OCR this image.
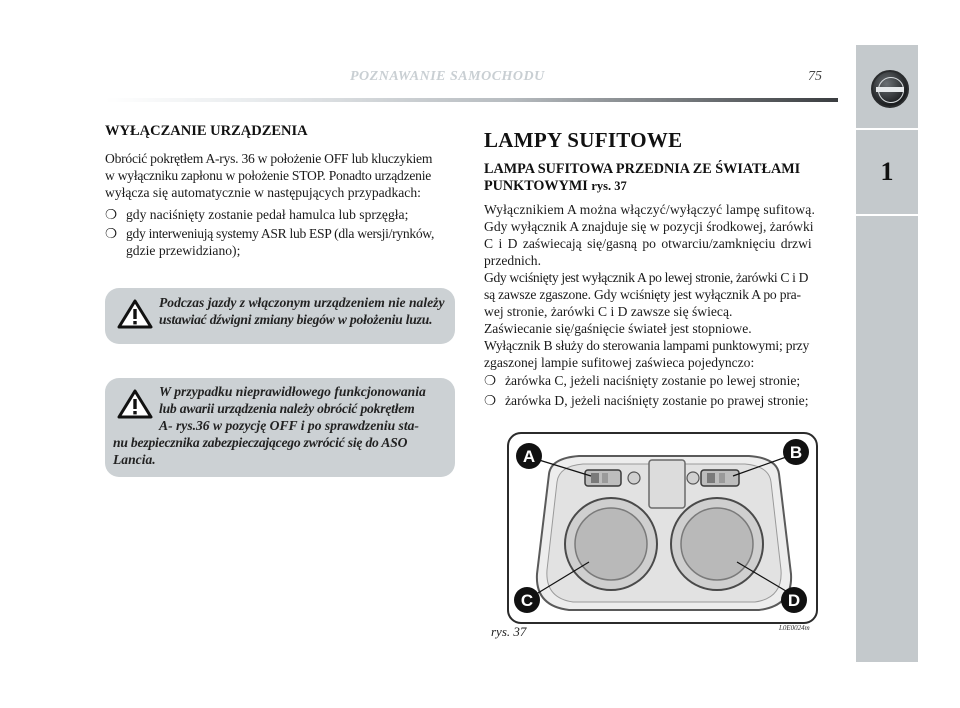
POZNAWANIE SAMOCHODU	75
1
WYŁĄCZANIE URZĄDZENIA
Obrócić pokrętłem A-rys. 36 w położenie OFF lub kluczykiem
w wyłączniku zapłonu w położenie STOP. Ponadto urządzenie
wyłącza się automatycznie w następujących przypadkach:
❍ gdy naciśnięty zostanie pedał hamulca lub sprzęgła;
❍ gdy interweniują systemy ASR lub ESP (dla wersji/rynków,
gdzie przewidziano);
Podczas jazdy z włączonym urządzeniem nie należy
ustawiać dźwigni zmiany biegów w położeniu luzu.
W przypadku nieprawidłowego funkcjonowania
lub awarii urządzenia należy obrócić pokrętłem
A- rys.36 w pozycję OFF i po sprawdzeniu sta-
nu bezpiecznika zabezpieczającego zwrócić się do ASO
Lancia.
LAMPY SUFITOWE
LAMPA SUFITOWA PRZEDNIA ZE ŚWIATŁAMI
PUNKTOWYMI rys. 37
Wyłącznikiem A można włączyć/wyłączyć lampę sufitową.
Gdy wyłącznik A znajduje się w pozycji środkowej, żarówki
C i D zaświecają się/gasną po otwarciu/zamknięciu drzwi
przednich.
Gdy wciśnięty jest wyłącznik A po lewej stronie, żarówki C i D
są zawsze zgaszone. Gdy wciśnięty jest wyłącznik A po pra-
wej stronie, żarówki C i D zawsze się świecą.
Zaświecanie się/gaśnięcie świateł jest stopniowe.
Wyłącznik B służy do sterowania lampami punktowymi; przy
zgaszonej lampie sufitowej zaświeca pojedynczo:
❍ żarówka C, jeżeli naciśnięty zostanie po lewej stronie;
❍ żarówka D, jeżeli naciśnięty zostanie po prawej stronie;
A	B
C	D
rys. 37	L0E0024m
